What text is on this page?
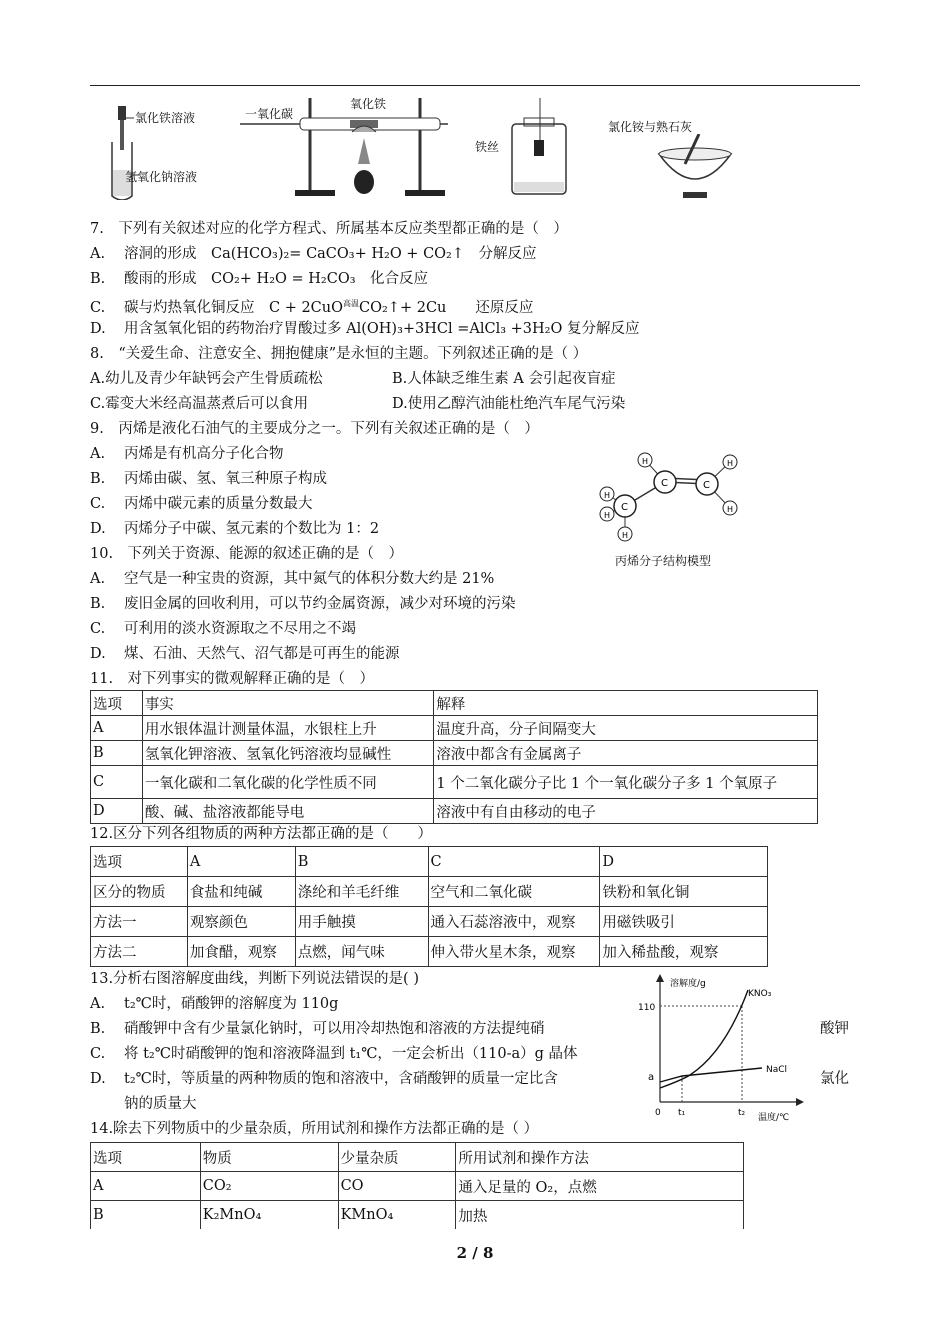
氯化铁溶液
氢氧化钠溶液
一氧化碳
氧化铁
铁丝
氯化铵与熟石灰
7.　下列有关叙述对应的化学方程式、所属基本反应类型都正确的是（　）
A. 溶洞的形成　Ca(HCO₃)₂= CaCO₃+ H₂O + CO₂↑　分解反应
B. 酸雨的形成　CO₂+ H₂O = H₂CO₃　化合反应
C. 碳与灼热氧化铜反应　C + 2CuO$^{高温}$CO₂↑+ 2Cu　　还原反应
D. 用含氢氧化铝的药物治疗胃酸过多 Al(OH)₃+3HCl =AlCl₃ +3H₂O 复分解反应
8.　“关爱生命、注意安全、拥抱健康”是永恒的主题。下列叙述正确的是（ ）
A.幼儿及青少年缺钙会产生骨质疏松	B.人体缺乏维生素 A 会引起夜盲症
C.霉变大米经高温蒸煮后可以食用	D.使用乙醇汽油能杜绝汽车尾气污染
9.　丙烯是液化石油气的主要成分之一。下列有关叙述正确的是（　）
A. 丙烯是有机高分子化合物
B. 丙烯由碳、氢、氧三种原子构成
C. 丙烯中碳元素的质量分数最大
D. 丙烯分子中碳、氢元素的个数比为 1：2
C
C	C
H	H
H
H
H
H
丙烯分子结构模型
10.　下列关于资源、能源的叙述正确的是（　）
A. 空气是一种宝贵的资源，其中氮气的体积分数大约是 21%
B. 废旧金属的回收利用，可以节约金属资源，减少对环境的污染
C. 可利用的淡水资源取之不尽用之不竭
D. 煤、石油、天然气、沼气都是可再生的能源
11.　对下列事实的微观解释正确的是（　）
选项	事实	解释
A	用水银体温计测量体温，水银柱上升	温度升高，分子间隔变大
B	氢氧化钾溶液、氢氧化钙溶液均显碱性	溶液中都含有金属离子
C	一氧化碳和二氧化碳的化学性质不同	1 个二氧化碳分子比 1 个一氧化碳分子多 1 个氧原子
D	酸、碱、盐溶液都能导电	溶液中有自由移动的电子
12.区分下列各组物质的两种方法都正确的是（　　）
选项	A	B	C	D
区分的物质	食盐和纯碱	涤纶和羊毛纤维	空气和二氧化碳	铁粉和氧化铜
方法一	观察颜色	用手触摸	通入石蕊溶液中，观察	用磁铁吸引
方法二	加食醋，观察	点燃，闻气味	伸入带火星木条，观察	加入稀盐酸，观察
13.分析右图溶解度曲线，判断下列说法错误的是( )
A. t₂℃时，硝酸钾的溶解度为 110g
B. 硝酸钾中含有少量氯化钠时，可以用冷却热饱和溶液的方法提纯硝	酸钾
C. 将 t₂℃时硝酸钾的饱和溶液降温到 t₁℃，一定会析出（110-a）g 晶体
D. t₂℃时，等质量的两种物质的饱和溶液中，含硝酸钾的质量一定比含	氯化
钠的质量大
溶解度/g
温度/℃
110
a
0 t₁	t₂
KNO₃
NaCl
14.除去下列物质中的少量杂质，所用试剂和操作方法都正确的是（ ）
选项	物质	少量杂质	所用试剂和操作方法
A	CO₂	CO	通入足量的 O₂，点燃
B	K₂MnO₄	KMnO₄	加热
2 / 8
